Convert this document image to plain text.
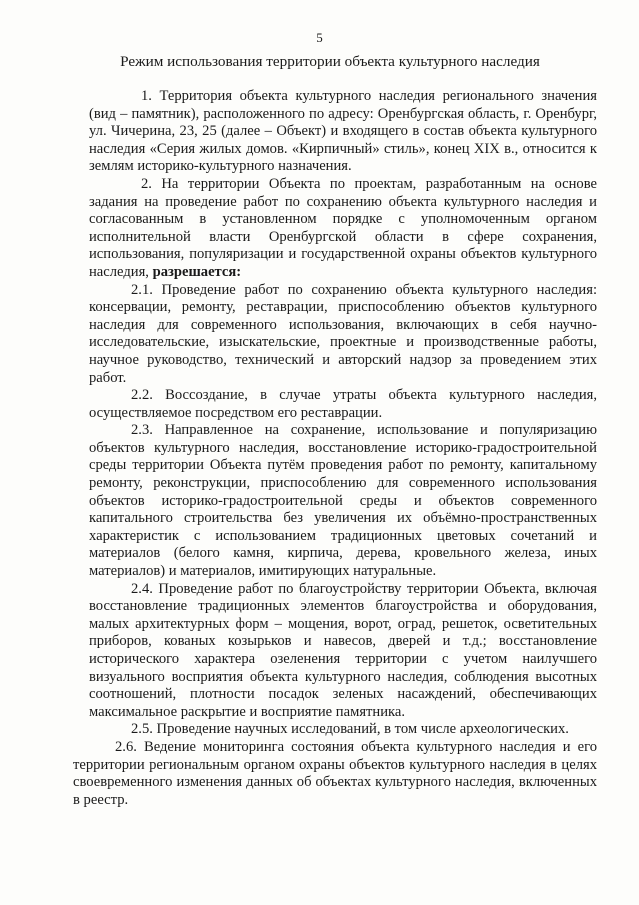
5
Режим использования территории объекта культурного наследия

1. Территория объекта культурного наследия регионального значения (вид – памятник), расположенного по адресу: Оренбургская область, г. Оренбург, ул. Чичерина, 23, 25 (далее – Объект) и входящего в состав объекта культурного наследия «Серия жилых домов. «Кирпичный» стиль», конец XIX в., относится к землям историко-культурного назначения.

2. На территории Объекта по проектам, разработанным на основе задания на проведение работ по сохранению объекта культурного наследия и согласованным в установленном порядке с уполномоченным органом исполнительной власти Оренбургской области в сфере сохранения, использования, популяризации и государственной охраны объектов культурного наследия, разрешается:

2.1. Проведение работ по сохранению объекта культурного наследия: консервации, ремонту, реставрации, приспособлению объектов культурного наследия для современного использования, включающих в себя научно-исследовательские, изыскательские, проектные и производственные работы, научное руководство, технический и авторский надзор за проведением этих работ.

2.2. Воссоздание, в случае утраты объекта культурного наследия, осуществляемое посредством его реставрации.

2.3. Направленное на сохранение, использование и популяризацию объектов культурного наследия, восстановление историко-градостроительной среды территории Объекта путём проведения работ по ремонту, капитальному ремонту, реконструкции, приспособлению для современного использования объектов историко-градостроительной среды и объектов современного капитального строительства без увеличения их объёмно-пространственных характеристик с использованием традиционных цветовых сочетаний и материалов (белого камня, кирпича, дерева, кровельного железа, иных материалов) и материалов, имитирующих натуральные.

2.4. Проведение работ по благоустройству территории Объекта, включая восстановление традиционных элементов благоустройства и оборудования, малых архитектурных форм – мощения, ворот, оград, решеток, осветительных приборов, кованых козырьков и навесов, дверей и т.д.; восстановление исторического характера озеленения территории с учетом наилучшего визуального восприятия объекта культурного наследия, соблюдения высотных соотношений, плотности посадок зеленых насаждений, обеспечивающих максимальное раскрытие и восприятие памятника.

2.5. Проведение научных исследований, в том числе археологических.

2.6. Ведение мониторинга состояния объекта культурного наследия и его территории региональным органом охраны объектов культурного наследия в целях своевременного изменения данных об объектах культурного наследия, включенных в реестр.
